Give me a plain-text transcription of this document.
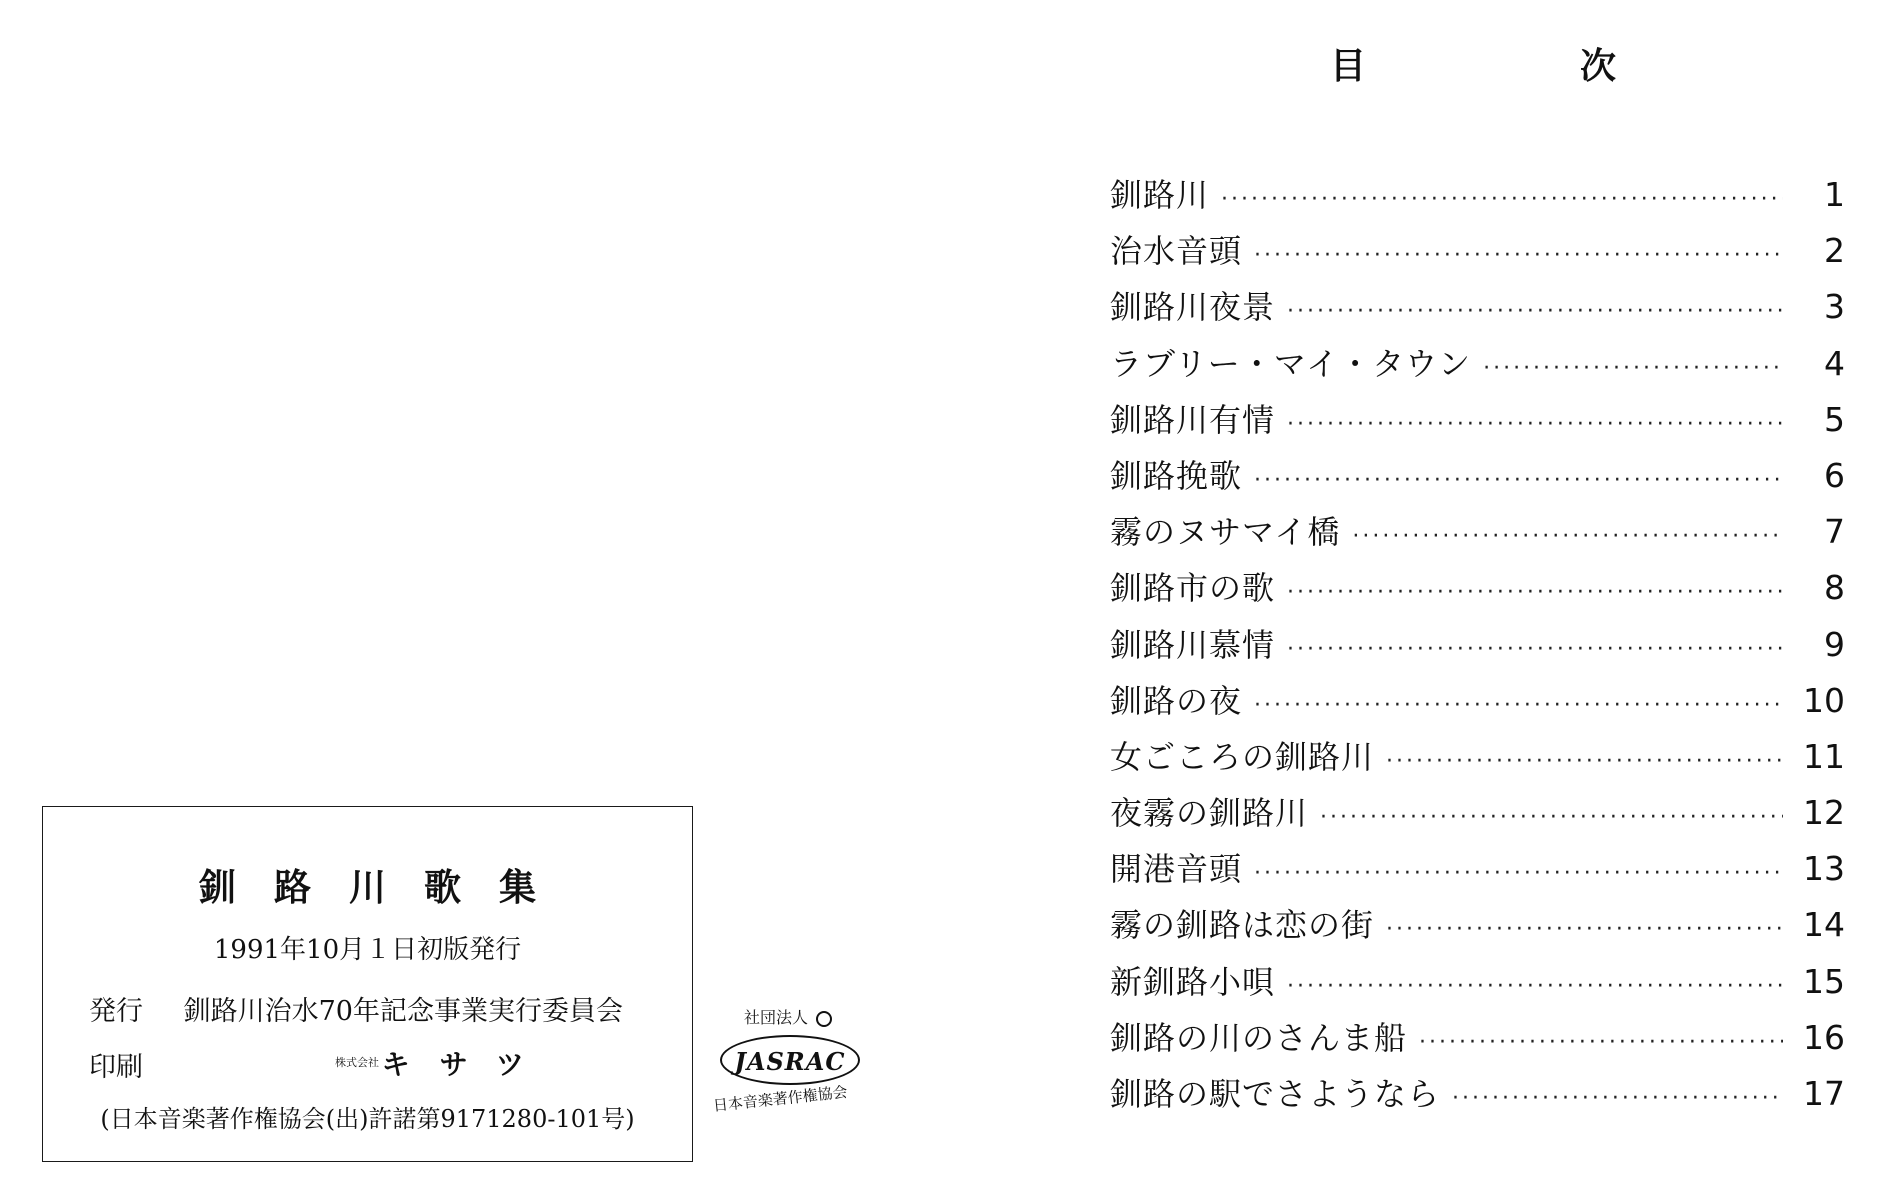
釧路川歌集
1991年10月１日初版発行
発行 釧路川治水70年記念事業実行委員会
印刷	株式会社 キサツ
(日本音楽著作権協会(出)許諾第9171280-101号)
社団法人
JASRAC
日本音楽著作権協会
目	次
釧路川 ·····	1
治水音頭 ·····	2
釧路川夜景 ·····	3
ラブリー・マイ・タウン ·····	4
釧路川有情 ·····	5
釧路挽歌 ·····	6
霧のヌサマイ橋 ·····	7
釧路市の歌 ·····	8
釧路川慕情 ·····	9
釧路の夜 ·····	10
女ごころの釧路川 ·····	11
夜霧の釧路川 ·····	12
開港音頭 ·····	13
霧の釧路は恋の街 ·····	14
新釧路小唄 ·····	15
釧路の川のさんま船 ·····	16
釧路の駅でさようなら ·····	17
